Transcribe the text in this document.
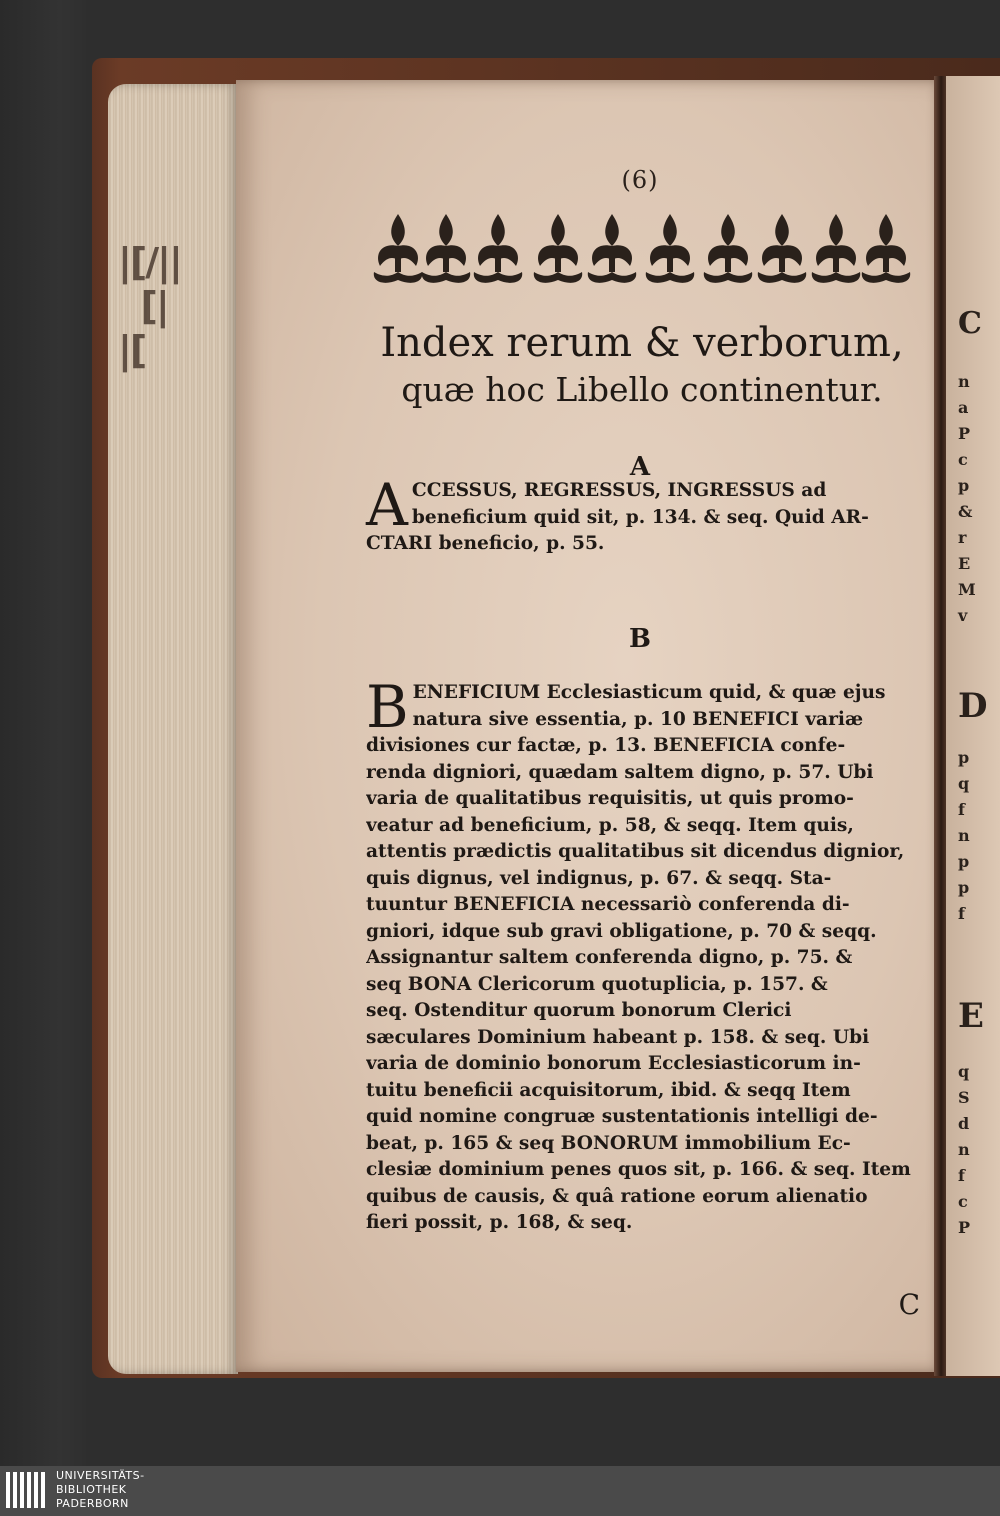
|[/||
[|
|[
C
n
a
P
c
p
&
r
E
M
v
D
p
q
f
n
p
p
f
E
q
S
d
n
f
c
P
(6)
Index rerum & verborum,
quæ hoc Libello continentur.
A
A CCESSUS, REGRESSUS, INGRESSUS ad
beneficium quid sit, p. 134. & seq. Quid AR-
CTARI beneficio, p. 55.
B
B ENEFICIUM Ecclesiasticum quid, & quæ ejus
natura sive essentia, p. 10 BENEFICI variæ
divisiones cur factæ, p. 13. BENEFICIA confe-
renda digniori, quædam saltem digno, p. 57. Ubi
varia de qualitatibus requisitis, ut quis promo-
veatur ad beneficium, p. 58, & seqq. Item quis,
attentis prædictis qualitatibus sit dicendus dignior,
quis dignus, vel indignus, p. 67. & seqq. Sta-
tuuntur BENEFICIA necessariò conferenda di-
gniori, idque sub gravi obligatione, p. 70 & seqq.
Assignantur saltem conferenda digno, p. 75. &
seq BONA Clericorum quotuplicia, p. 157. &
seq. Ostenditur quorum bonorum Clerici
sæculares Dominium habeant p. 158. & seq. Ubi
varia de dominio bonorum Ecclesiasticorum in-
tuitu beneficii acquisitorum, ibid. & seqq Item
quid nomine congruæ sustentationis intelligi de-
beat, p. 165 & seq BONORUM immobilium Ec-
clesiæ dominium penes quos sit, p. 166. & seq. Item
quibus de causis, & quâ ratione eorum alienatio
fieri possit, p. 168, & seq.
C
UNIVERSITÄTS-
BIBLIOTHEK
PADERBORN
